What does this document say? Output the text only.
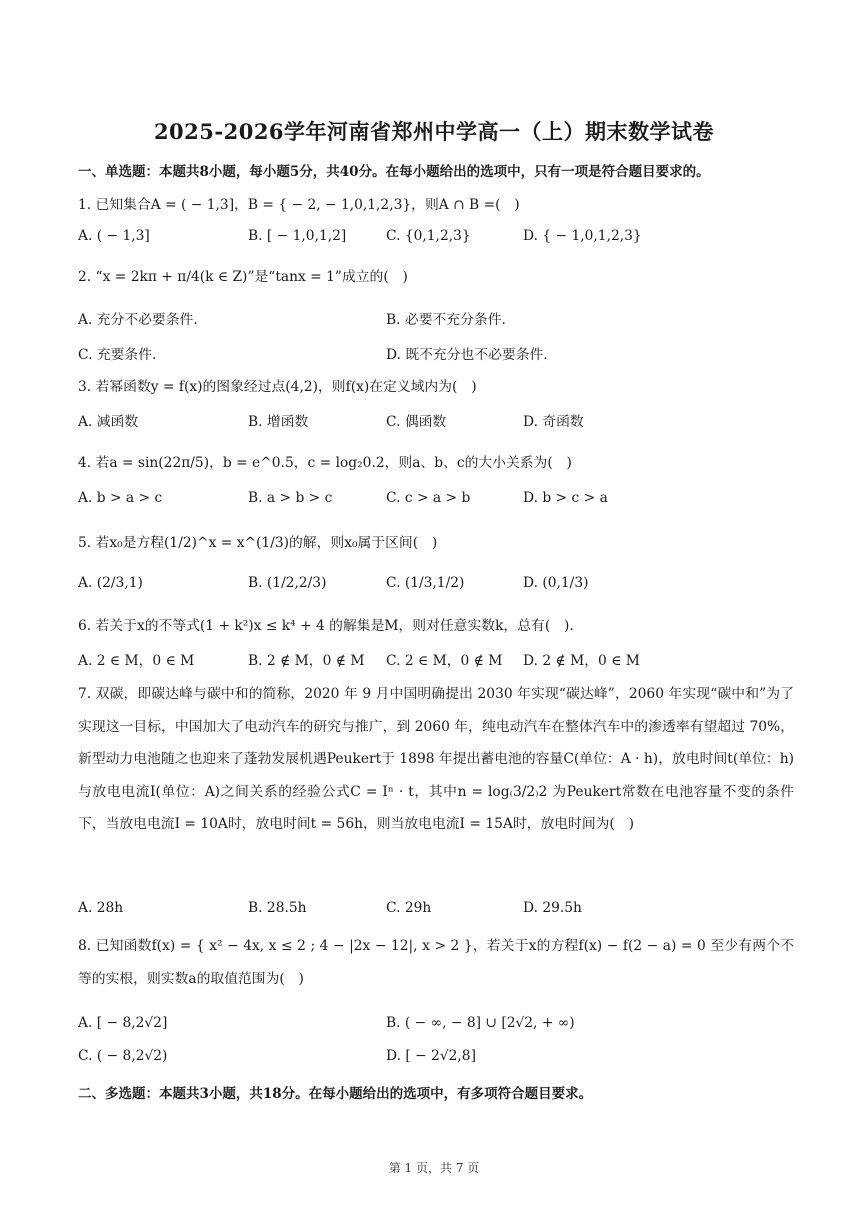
2025-2026学年河南省郑州中学高一（上）期末数学试卷
一、单选题：本题共8小题，每小题5分，共40分。在每小题给出的选项中，只有一项是符合题目要求的。
1. 已知集合A = ( − 1,3]，B = { − 2, − 1,0,1,2,3}，则A ∩ B =(　)
A. ( − 1,3]	B. [ − 1,0,1,2]	C. {0,1,2,3}	D. { − 1,0,1,2,3}
2. “x = 2kπ + π/4(k ∈ Z)”是“tanx = 1”成立的(　)
A. 充分不必要条件.	B. 必要不充分条件.
C. 充要条件.	D. 既不充分也不必要条件.
3. 若幂函数y = f(x)的图象经过点(4,2)，则f(x)在定义域内为(　)
A. 减函数	B. 增函数	C. 偶函数	D. 奇函数
4. 若a = sin(22π/5)，b = e^0.5，c = log₂0.2，则a、b、c的大小关系为(　)
A. b > a > c	B. a > b > c	C. c > a > b	D. b > c > a
5. 若x₀是方程(1/2)^x = x^(1/3)的解，则x₀属于区间(　)
A. (2/3,1)	B. (1/2,2/3)	C. (1/3,1/2)	D. (0,1/3)
6. 若关于x的不等式(1 + k²)x ≤ k⁴ + 4 的解集是M，则对任意实数k，总有(　).
A. 2 ∈ M，0 ∈ M	B. 2 ∉ M，0 ∉ M C. 2 ∈ M，0 ∉ M D. 2 ∉ M，0 ∈ M
7. 双碳，即碳达峰与碳中和的简称，2020 年 9 月中国明确提出 2030 年实现“碳达峰”，2060 年实现“碳中和”为了实现这一目标，中国加大了电动汽车的研究与推广，到 2060 年，纯电动汽车在整体汽车中的渗透率有望超过 70%，新型动力电池随之也迎来了蓬勃发展机遇Peukert于 1898 年提出蓄电池的容量C(单位：A · h)，放电时间t(单位：h)与放电电流I(单位：A)之间关系的经验公式C = Iⁿ · t，其中n = log₍3/2₎2 为Peukert常数在电池容量不变的条件下，当放电电流I = 10A时，放电时间t = 56h，则当放电电流I = 15A时，放电时间为(　)
A. 28h	B. 28.5h	C. 29h	D. 29.5h
8. 已知函数f(x) = { x² − 4x, x ≤ 2 ; 4 − |2x − 12|, x > 2 }，若关于x的方程f(x) − f(2 − a) = 0 至少有两个不等的实根，则实数a的取值范围为(　)
A. [ − 8,2√2]	B. ( − ∞, − 8] ∪ [2√2, + ∞)
C. ( − 8,2√2)	D. [ − 2√2,8]
二、多选题：本题共3小题，共18分。在每小题给出的选项中，有多项符合题目要求。
第 1 页，共 7 页
